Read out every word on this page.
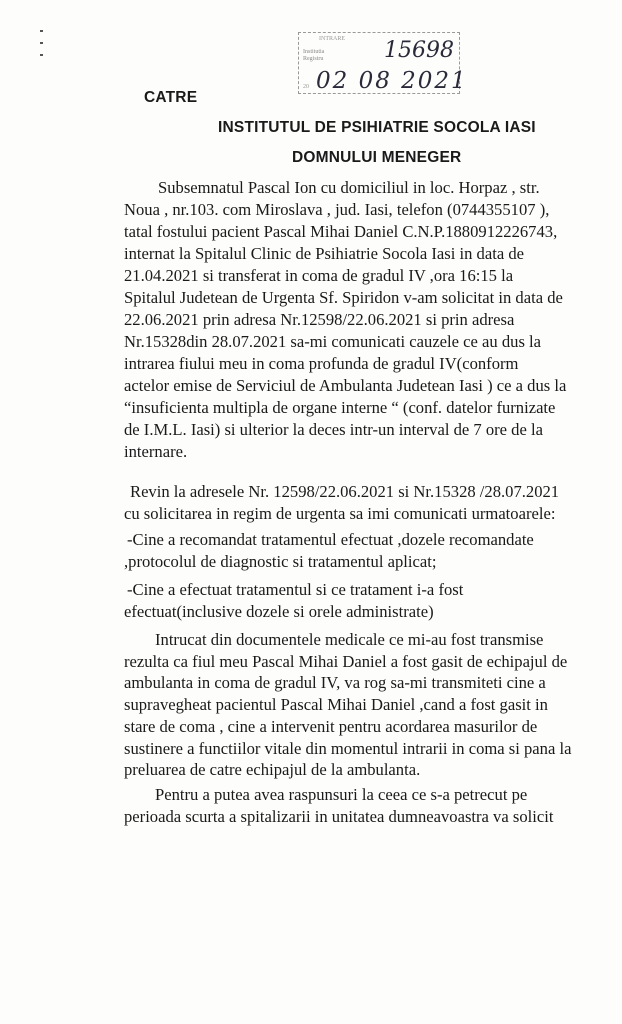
INTRARE
Institutia Registru
20
15698
02 08 2021
CATRE
INSTITUTUL DE PSIHIATRIE SOCOLA IASI
DOMNULUI MENEGER
Subsemnatul Pascal Ion cu domiciliul in loc. Horpaz , str.
Noua , nr.103. com Miroslava , jud. Iasi, telefon (0744355107 ),
tatal fostului pacient Pascal Mihai Daniel C.N.P.1880912226743,
internat la Spitalul Clinic de Psihiatrie Socola Iasi in data de
21.04.2021 si transferat in coma de gradul IV ,ora 16:15 la
Spitalul Judetean de Urgenta Sf. Spiridon v-am solicitat in data de
22.06.2021 prin adresa Nr.12598/22.06.2021 si prin adresa
Nr.15328din 28.07.2021 sa-mi comunicati cauzele ce au dus la
intrarea fiului meu in coma profunda de gradul IV(conform
actelor emise de Serviciul de Ambulanta Judetean Iasi ) ce a dus la
“insuficienta multipla de organe interne “ (conf. datelor furnizate
de I.M.L. Iasi) si ulterior la deces intr-un interval de 7 ore de la
internare.
Revin la adresele Nr. 12598/22.06.2021 si Nr.15328 /28.07.2021
cu solicitarea in regim de urgenta sa imi comunicati urmatoarele:
-Cine a recomandat tratamentul efectuat ,dozele recomandate
,protocolul de diagnostic si tratamentul aplicat;
-Cine a efectuat tratamentul si ce tratament i-a fost
efectuat(inclusive dozele si orele administrate)
Intrucat din documentele medicale ce mi-au fost transmise
rezulta ca fiul meu Pascal Mihai Daniel a fost gasit de echipajul de
ambulanta in coma de gradul IV, va rog sa-mi transmiteti cine a
supravegheat pacientul Pascal Mihai Daniel ,cand a fost gasit in
stare de coma , cine a intervenit pentru acordarea masurilor de
sustinere a functiilor vitale din momentul intrarii in coma si pana la
preluarea de catre echipajul de la ambulanta.
Pentru a putea avea raspunsuri la ceea ce s-a petrecut pe
perioada scurta a spitalizarii in unitatea dumneavoastra va solicit
